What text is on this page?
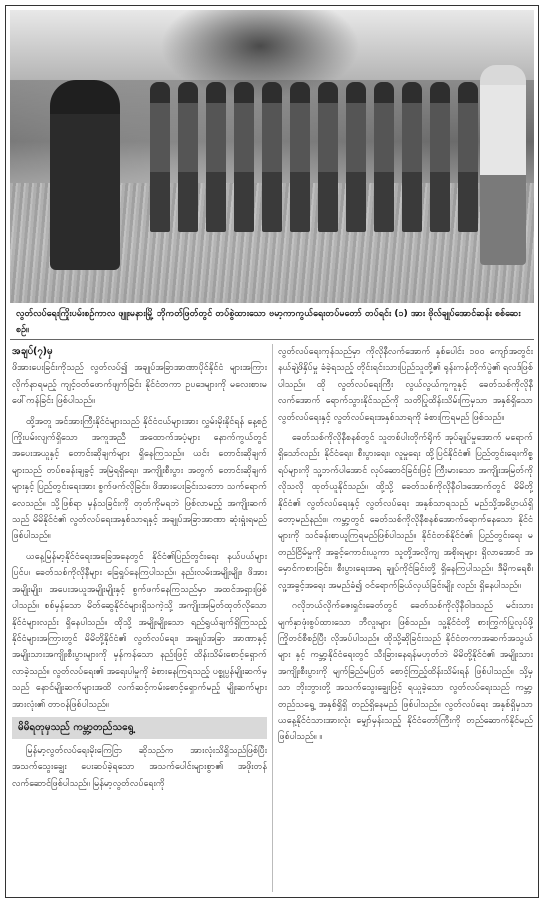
လွတ်လပ်ရေးကြိုးပမ်းစဉ်ကာလ ဖျူးမနားမြို့ ဘိုကတ်ဖြတ်တွင် တပ်စွဲထားသော ဗမာ့ကာကွယ်ရေးတပ်မတော် တပ်ရင်း (၁) အား ဗိုလ်ချုပ်အောင်ဆန်း စစ်ဆေးစဉ်။
အချပ်(၇)မှ

ဖိအားပေးခြင်းကိုသည် လွတ်လပ်၍ အချုပ်အခြာအာဏာပိုင်နိုင်ငံ များအကြား လိုက်နာရမည့် ကျင့်ဝတ်ဖောက်ဖျက်ခြင်း နိုင်ငံတကာ ဥပဒေများကို မလေးစားမ ဖေါ်ကန်ခြင်း ဖြစ်ပါသည်။

ထို့အတူ အင်အားကြီးနိုင်ငံများသည် နိုင်ငံငယ်များအား လွှမ်းမိုးနိုင်ရန် နေ့စဉ်ကြိုးပမ်းလျက်ရှိသော အကူအညီ အထောက်အပံ့များ နောက်ကွယ်တွင် အပေးအယူနှင့် တောင်းဆိုချက်များ ရှိနေကြသည်။ ယင်း တောင်းဆိုချက်များသည် တပ်စခန်းချခွင့် အမြဲရရှိရေး၊ အကျိုးစီးပွား အတွက် တောင်းဆိုချက်များနှင့် ပြည်တွင်းရေးအား စွက်ဖက်လိုခြင်း၊ ဖိအားပေးခြင်းသဘော သက်ရောက်လေသည်။ သို့ဖြစ်ရာ မှန်သခြင်းကို တုတ်ကိုမရဘဲ ဖြစ်လာမည့် အကျိုးဆက်သည် မိမိနိုင်ငံ၏ လွတ်လပ်ရေးအနှစ်သာရနှင့် အချုပ်အခြာအာဏာ ဆုံးရှုံးရမည် ဖြစ်ပါသည်။

ယနေ့မြန်မာ့နိုင်ငံရေးအခြေအနေတွင် နိုင်ငံ၏ပြည်တွင်းရေး နယ်ပယ်များ ပြင်ပ၊ ခေတ်သစ်ကိုလိုနီများ ခြေရှုပ်နေကြပါသည်။ နည်းလမ်းအမျိုးမျိုး၊ ဖိအားအမျိုးမျိုး၊ အပေးအယူအမျိုးမျိုးနှင့် စွက်ဖက်နေကြသည်မှာ အထင်အရှားဖြစ်ပါသည်။ စစ်မှန်သော မိတ်ဆွေနိုင်ငံများရှိသကဲ့သို့ အကျိုးအမြတ်ထုတ်လိုသော နိုင်ငံများလည်း ရှိနေပါသည်။ ထိုသို့ အမျိုးမျိုးသော ရည်ရွယ်ချက်ရှိကြသည့် နိုင်ငံများအကြားတွင် မိမိတို့နိုင်ငံ၏ လွတ်လပ်ရေး၊ အချုပ်အခြာ အာဏာနှင့် အမျိုးသားအကျိုးစီးပွားများကို မှန်ကန်သော နည်းဖြင့် ထိန်းသိမ်းစောင့်ရှောက်လာခဲ့သည်။ လွတ်လပ်ရေး၏ အရေးပါမှုကို ခံစားနေကြရသည့် ပစ္စုပ္ပန်မျိုးဆက်မှသည် နောင်မျိုးဆက်များအထိ လက်ဆင့်ကမ်းစောင့်ရှောက်မည့် မျိုးဆက်များအားလုံး၏ တာဝန်ဖြစ်ပါသည်။

မိမိရတုမှသည် ကမ္ဘာ့တည်သရွေ့

မြန်မာ့လွတ်လပ်ရေးမိုးကြေငြာ ဆိုသည်က အားလုံးသိရှိသည်ဖြစ်ပြီး အသက်သွေးချွေး ပေးဆပ်ခဲ့ရသော အသက်ပေါင်းများစွာ၏ အဖိုးတန် လက်ဆောင်ဖြစ်ပါသည်။ မြန်မာ့လွတ်လပ်ရေးကို

လွတ်လပ်ရေးကုန်သည်မှာ ကိုလိုနီလက်အောက် နှစ်ပေါင်း ၁၀၀ ကျော်အတွင်း နယ်ချဲ့ဖိနှိပ်မှု ခံခဲ့ရသည့် တိုင်းရင်းသားပြည်သူတို့၏ ရုန်းကန်တိုက်ပွဲ၏ ရလဒ်ဖြစ်ပါသည်။ ထို လွတ်လပ်ရေးကြီး လွယ်လွယ်ကူကူနှင့် ခေတ်သစ်ကိုလိုနီလက်အောက် ရောက်သွားနိုင်သည်ကို သတိပြုထိန်းသိမ်းကြမှသာ အနှစ်ရှိသော လွတ်လပ်ရေးနှင့် လွတ်လပ်ရေးအနှစ်သာရကို ခံစားကြရမည် ဖြစ်သည်။

ခေတ်သစ်ကိုလိုနီစနစ်တွင် သူတစ်ပါးတိုက်ရိုက် အုပ်ချုပ်မှုအောက် မရောက်ရှိသော်လည်း နိုင်ငံရေး၊ စီးပွားရေး၊ လူမှုရေး ထို့ပြင်နိုင်ငံ၏ ပြည်တွင်းရေးကိစ္စရပ်များကို သူ့ဘက်ပါအောင် လုပ်ဆောင်ခြင်းဖြင့် ကြီးမားသော အကျိုးအမြတ်ကို လိုသလို ထုတ်ယူနိုင်သည်။ ထို့သို့ ခေတ်သစ်ကိုလိုနီဝါဒအောက်တွင် မိမိတို့နိုင်ငံ၏ လွတ်လပ်ရေးနှင့် လွတ်လပ်ရေး အနှစ်သာရသည် မည်သို့အဓိပ္ပာယ်ရှိတော့မည်နည်း။ ကမ္ဘာ့တွင် ခေတ်သစ်ကိုလိုနီစနစ်အောက်ရောက်နေသော နိုင်ငံများကို သင်ခန်းစာယူကြရမည်ဖြစ်ပါသည်။ နိုင်ငံတစ်နိုင်ငံ၏ ပြည်တွင်းရေး မတည်ငြိမ်မှုကို အခွင့်ကောင်းယူကာ သူတို့အလိုကျ အစိုးရများ ရှိလာအောင် အမှောင်ကစားခြင်း၊ စီးပွားရေးအရ ချုပ်ကိုင်ခြင်းတို့ ရှိနေကြပါသည်။ ဒီမိုကရေစီ၊ လူ့အခွင့်အရေး အမည်ခံ၍ ဝင်ရောက်ခြယ်လှယ်ခြင်းမျိုး လည်း ရှိနေပါသည်။

ဂလိုဘယ်လိုက်ဇေးရှင်းခေတ်တွင် ခေတ်သစ်ကိုလိုနီဝါဒသည် မင်းသားမျက်နှာဖုံးစွပ်ထားသော ဘီလူးများ ဖြစ်သည်။ သူ့နိုင်ငံတို့ စားကြွက်ပြုလုပ်ဖို့ ကြိုတင်စီစဉ်ပြီး လိုအပ်ပါသည်။ ထိုသို့ဆိုခြင်းသည် နိုင်ငံတကာအဆက်အသွယ်များ နှင့် ကမ္ဘာ့နိုင်ငံရေးတွင် သီးခြားနေရန်မဟုတ်ဘဲ မိမိတို့နိုင်ငံ၏ အမျိုးသားအကျိုးစီးပွားကို မျက်ခြည်မပြတ် စောင့်ကြည့်ထိန်းသိမ်းရန် ဖြစ်ပါသည်။ သို့မှသာ ဘိုးဘွားတို့ အသက်သွေးချွေးဖြင့် ရယူခဲ့သော လွတ်လပ်ရေးသည် ကမ္ဘာ့တည်သရွေ့ အနှစ်ရှိရှိ တည်ရှိနေမည် ဖြစ်ပါသည်။ လွတ်လပ်ရေး အနှစ်ရှိမှသာ ယနေ့နိုင်ငံသားအားလုံး မျှော်မှန်းသည့် နိုင်ငံတော်ကြီးကို တည်ဆောက်နိုင်မည် ဖြစ်ပါသည်။ ။
